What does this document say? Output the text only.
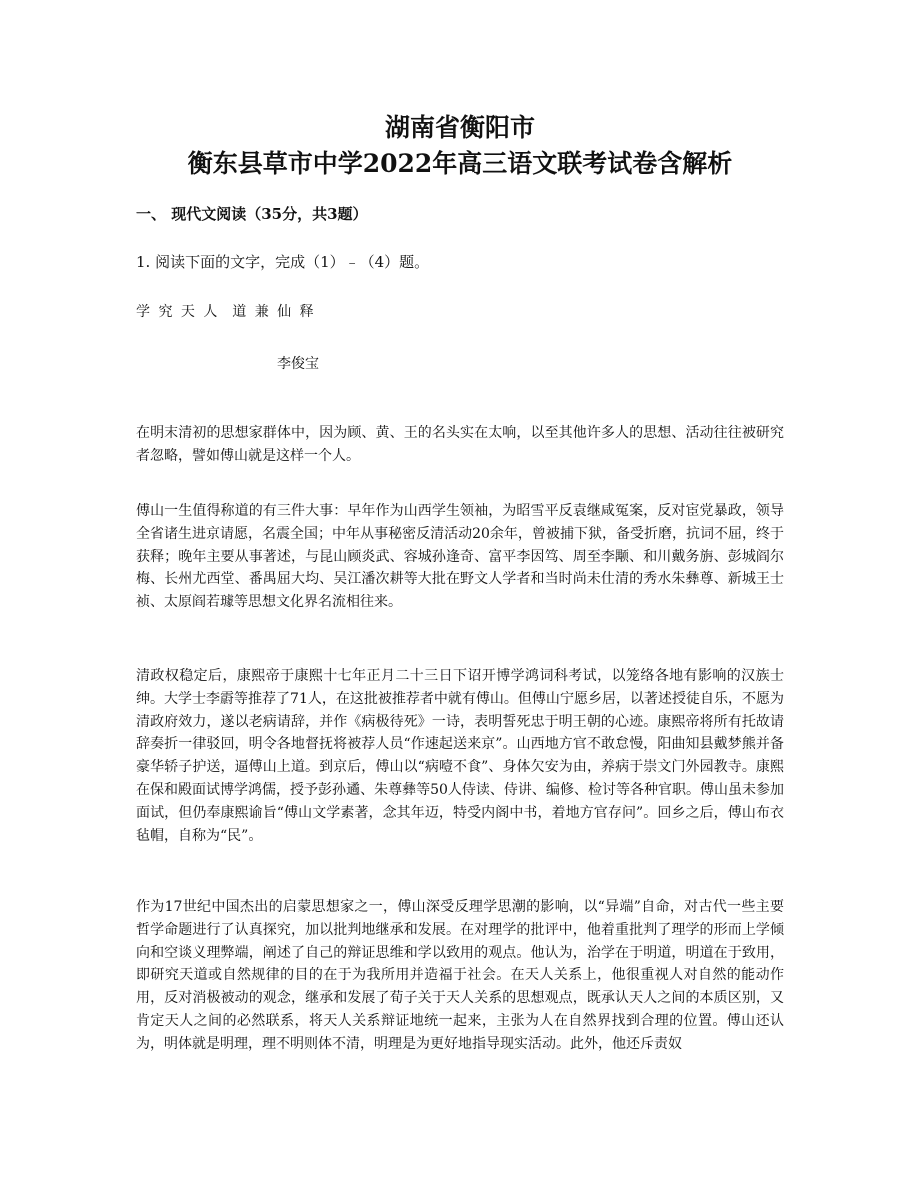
湖南省衡阳市
衡东县草市中学2022年高三语文联考试卷含解析
一、 现代文阅读（35分，共3题）
1. 阅读下面的文字，完成（1）﹣（4）题。
学 究 天 人  道 兼 仙 释
李俊宝

在明末清初的思想家群体中，因为顾、黄、王的名头实在太响，以至其他许多人的思想、活动往往被研究者忽略，譬如傅山就是这样一个人。

傅山一生值得称道的有三件大事：早年作为山西学生领袖，为昭雪平反袁继咸冤案，反对宦党暴政，领导全省诸生进京请愿，名震全国；中年从事秘密反清活动20余年，曾被捕下狱，备受折磨，抗词不屈，终于获释；晚年主要从事著述，与昆山顾炎武、容城孙逢奇、富平李因笃、周至李颙、和川戴务旃、彭城阎尔梅、长州尤西堂、番禺屈大均、吴江潘次耕等大批在野文人学者和当时尚未仕清的秀水朱彝尊、新城王士祯、太原阎若璩等思想文化界名流相往来。

清政权稳定后，康熙帝于康熙十七年正月二十三日下诏开博学鸿词科考试，以笼络各地有影响的汉族士绅。大学士李霨等推荐了71人，在这批被推荐者中就有傅山。但傅山宁愿乡居，以著述授徒自乐，不愿为清政府效力，遂以老病请辞，并作《病极待死》一诗，表明誓死忠于明王朝的心迹。康熙帝将所有托故请辞奏折一律驳回，明令各地督抚将被荐人员“作速起送来京”。山西地方官不敢怠慢，阳曲知县戴梦熊并备豪华轿子护送，逼傅山上道。到京后，傅山以“病噎不食”、身体欠安为由，养病于崇文门外园教寺。康熙在保和殿面试博学鸿儒，授予彭孙遹、朱尊彝等50人侍读、侍讲、编修、检讨等各种官职。傅山虽未参加面试，但仍奉康熙谕旨“傅山文学素著，念其年迈，特受内阁中书，着地方官存问”。回乡之后，傅山布衣毡帽，自称为“民”。

作为17世纪中国杰出的启蒙思想家之一，傅山深受反理学思潮的影响，以“异端”自命，对古代一些主要哲学命题进行了认真探究，加以批判地继承和发展。在对理学的批评中，他着重批判了理学的形而上学倾向和空谈义理弊端，阐述了自己的辩证思维和学以致用的观点。他认为，治学在于明道，明道在于致用，即研究天道或自然规律的目的在于为我所用并造福于社会。在天人关系上，他很重视人对自然的能动作用，反对消极被动的观念，继承和发展了荀子关于天人关系的思想观点，既承认天人之间的本质区别，又肯定天人之间的必然联系，将天人关系辩证地统一起来，主张为人在自然界找到合理的位置。傅山还认为，明体就是明理，理不明则体不清，明理是为更好地指导现实活动。此外，他还斥责奴
